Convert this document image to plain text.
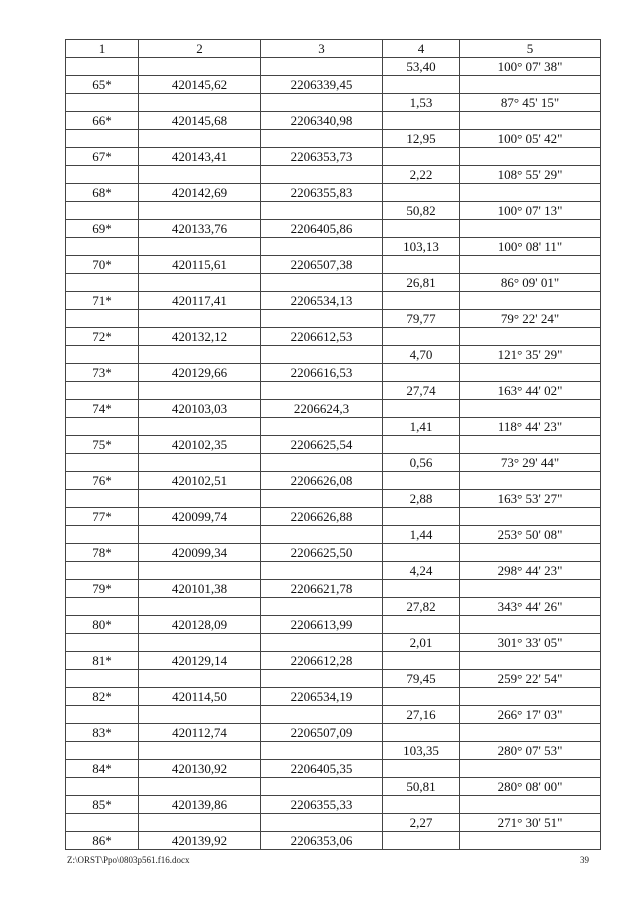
1	2	3	4	5
			53,40	100° 07' 38"
65*	420145,62	2206339,45		
			1,53	87° 45' 15"
66*	420145,68	2206340,98		
			12,95	100° 05' 42"
67*	420143,41	2206353,73		
			2,22	108° 55' 29"
68*	420142,69	2206355,83		
			50,82	100° 07' 13"
69*	420133,76	2206405,86		
			103,13	100° 08' 11"
70*	420115,61	2206507,38		
			26,81	86° 09' 01"
71*	420117,41	2206534,13		
			79,77	79° 22' 24"
72*	420132,12	2206612,53		
			4,70	121° 35' 29"
73*	420129,66	2206616,53		
			27,74	163° 44' 02"
74*	420103,03	2206624,3		
			1,41	118° 44' 23"
75*	420102,35	2206625,54		
			0,56	73° 29' 44"
76*	420102,51	2206626,08		
			2,88	163° 53' 27"
77*	420099,74	2206626,88		
			1,44	253° 50' 08"
78*	420099,34	2206625,50		
			4,24	298° 44' 23"
79*	420101,38	2206621,78		
			27,82	343° 44' 26"
80*	420128,09	2206613,99		
			2,01	301° 33' 05"
81*	420129,14	2206612,28		
			79,45	259° 22' 54"
82*	420114,50	2206534,19		
			27,16	266° 17' 03"
83*	420112,74	2206507,09		
			103,35	280° 07' 53"
84*	420130,92	2206405,35		
			50,81	280° 08' 00"
85*	420139,86	2206355,33		
			2,27	271° 30' 51"
86*	420139,92	2206353,06		
Z:\ORST\Ppo\0803p561.f16.docx	39
